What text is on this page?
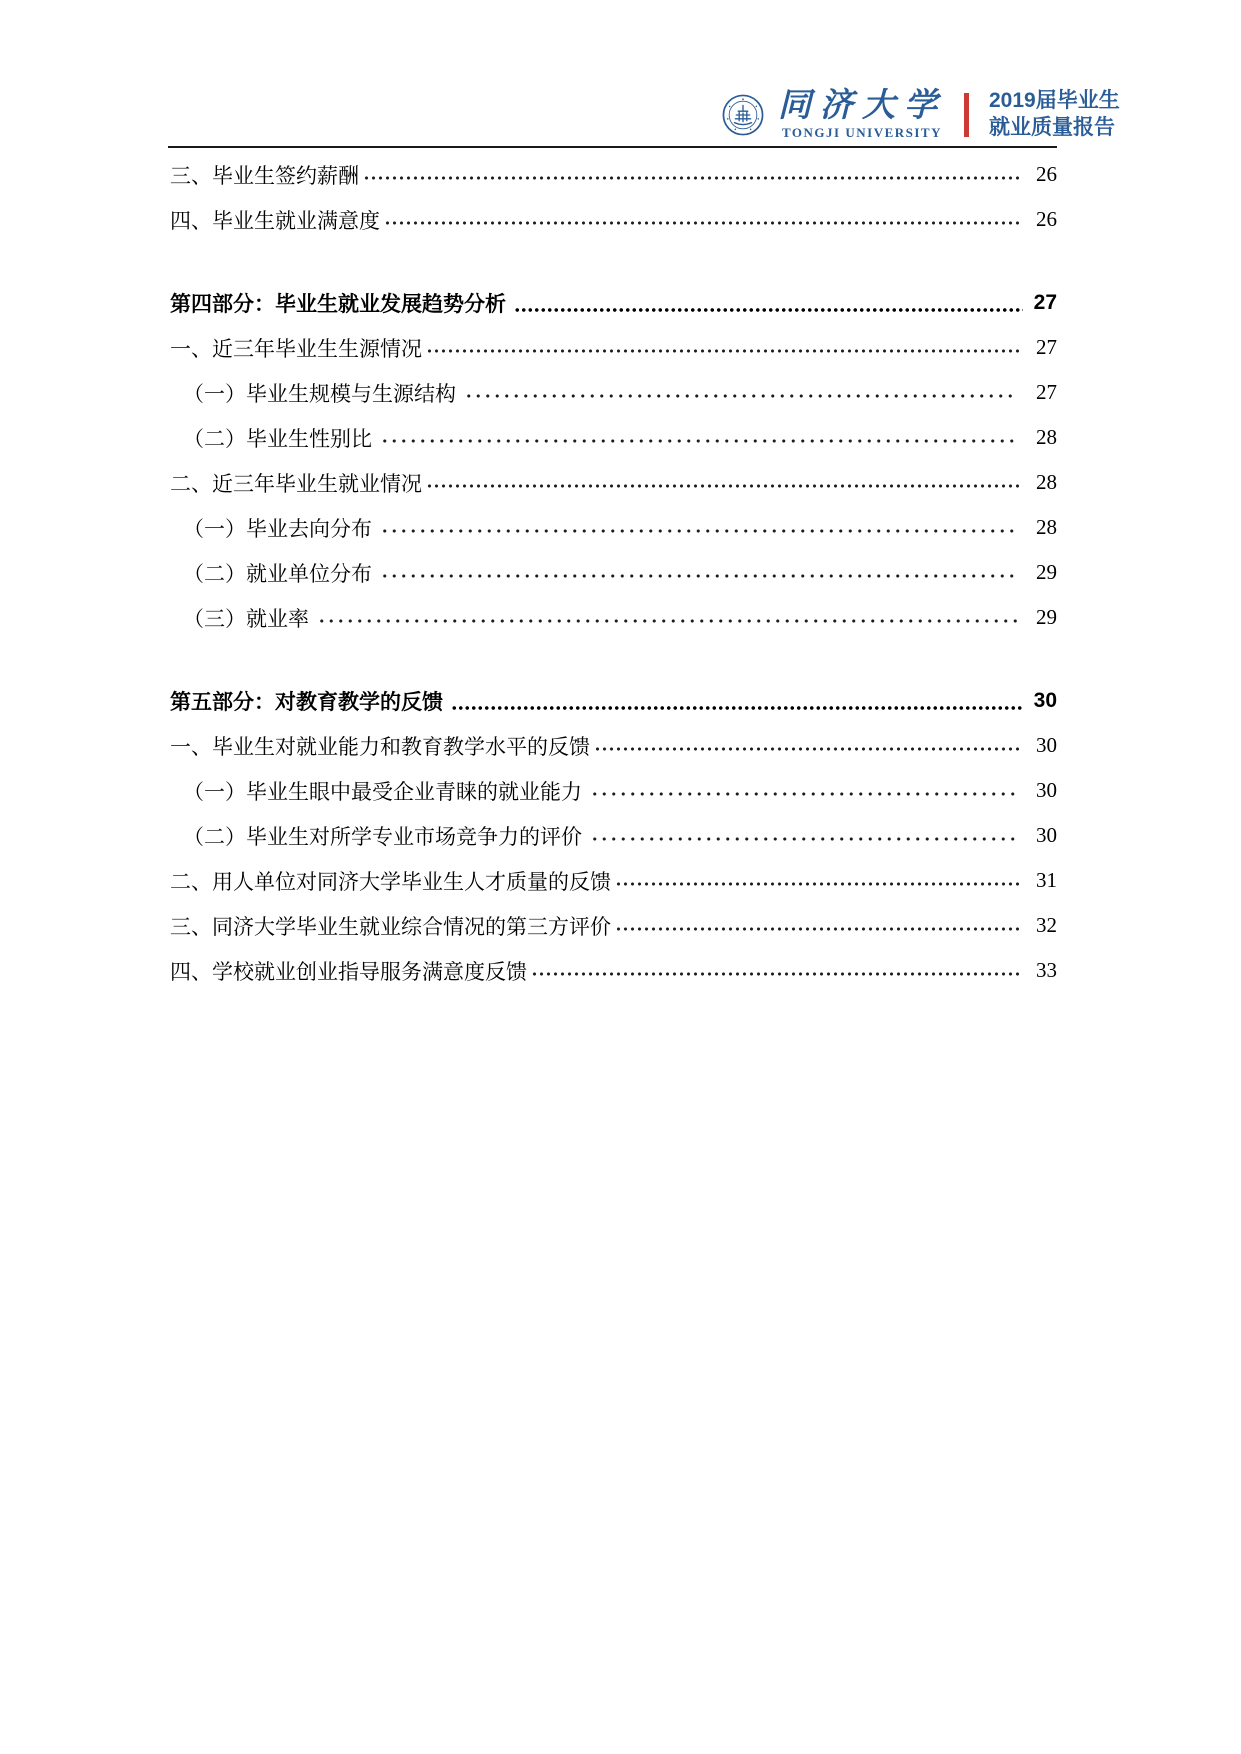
同济大学
TONGJI UNIVERSITY
2019届毕业生
就业质量报告
三、毕业生签约薪酬	26
四、毕业生就业满意度	26
第四部分：毕业生就业发展趋势分析	27
一、近三年毕业生生源情况	27
（一）毕业生规模与生源结构	27
（二）毕业生性别比	28
二、近三年毕业生就业情况	28
（一）毕业去向分布	28
（二）就业单位分布	29
（三）就业率	29
第五部分：对教育教学的反馈	30
一、毕业生对就业能力和教育教学水平的反馈	30
（一）毕业生眼中最受企业青睐的就业能力	30
（二）毕业生对所学专业市场竞争力的评价	30
二、用人单位对同济大学毕业生人才质量的反馈	31
三、同济大学毕业生就业综合情况的第三方评价	32
四、学校就业创业指导服务满意度反馈	33
